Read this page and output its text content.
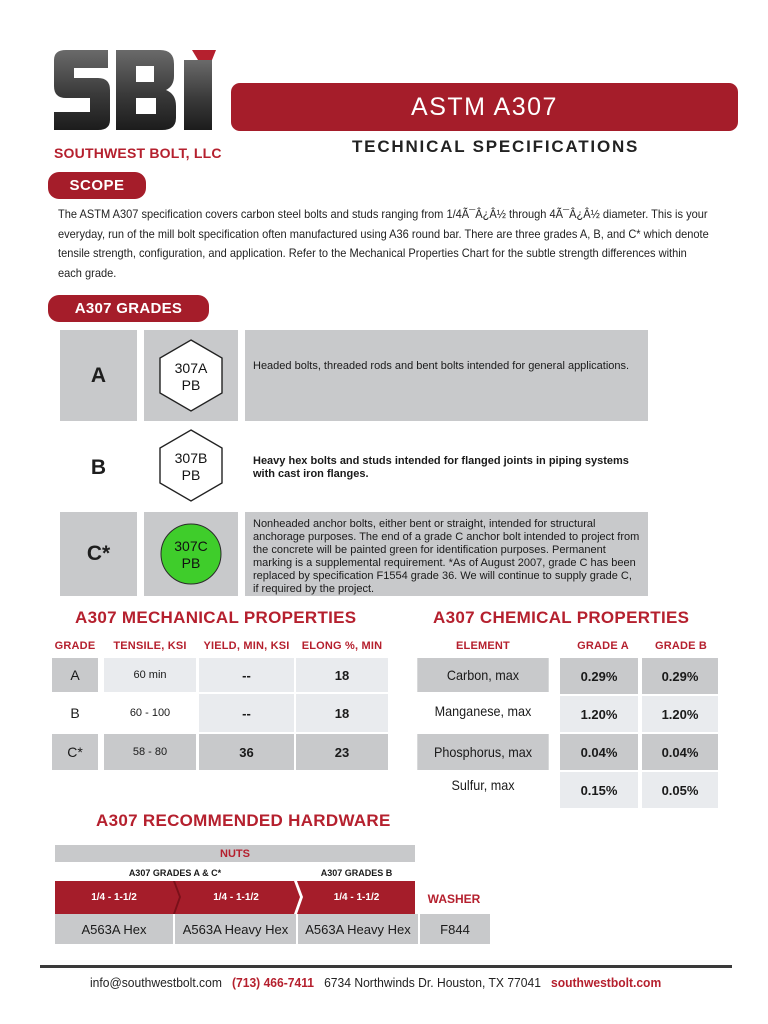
SOUTHWEST BOLT, LLC
ASTM A307
TECHNICAL SPECIFICATIONS
SCOPE
The ASTM A307 specification covers carbon steel bolts and studs ranging from 1/4Ã¯Â¿Â½ through 4Ã¯Â¿Â½ diameter. This is your everyday, run of the mill bolt specification often manufactured using A36 round bar. There are three grades A, B, and C* which denote tensile strength, configuration, and application. Refer to the Mechanical Properties Chart for the subtle strength differences within each grade.
A307 GRADES
A	307A
PB
Headed bolts, threaded rods and bent bolts intended for general applications.
B	307B
PB
Heavy hex bolts and studs intended for flanged joints in piping systems with cast iron flanges.
C*	307C
PB
Nonheaded anchor bolts, either bent or straight, intended for structural anchorage purposes. The end of a grade C anchor bolt intended to project from the concrete will be painted green for identification purposes. Permanent marking is a supplemental requirement. *As of August 2007, grade C has been replaced by specification F1554 grade 36. We will continue to supply grade C, if required by the project.
A307 MECHANICAL PROPERTIES
GRADE	TENSILE, KSI	YIELD, MIN, KSI	ELONG %, MIN
A	60 min	--	18
B	60 - 100	--	18
C*	58 - 80	36	23
A307 CHEMICAL PROPERTIES
ELEMENT	GRADE A	GRADE B
Carbon, max	0.29%	0.29%
Manganese, max	1.20%	1.20%
Phosphorus, max	0.04%	0.04%
Sulfur, max	0.15%	0.05%
A307 RECOMMENDED HARDWARE
NUTS
A307 GRADES A & C*	A307 GRADES B
1/4 - 1-1/2	1/4 - 1-1/2	1/4 - 1-1/2	WASHER
A563A Hex	A563A Heavy Hex	A563A Heavy Hex	F844
info@southwestbolt.com (713) 466-7411 6734 Northwinds Dr. Houston, TX 77041 southwestbolt.com
